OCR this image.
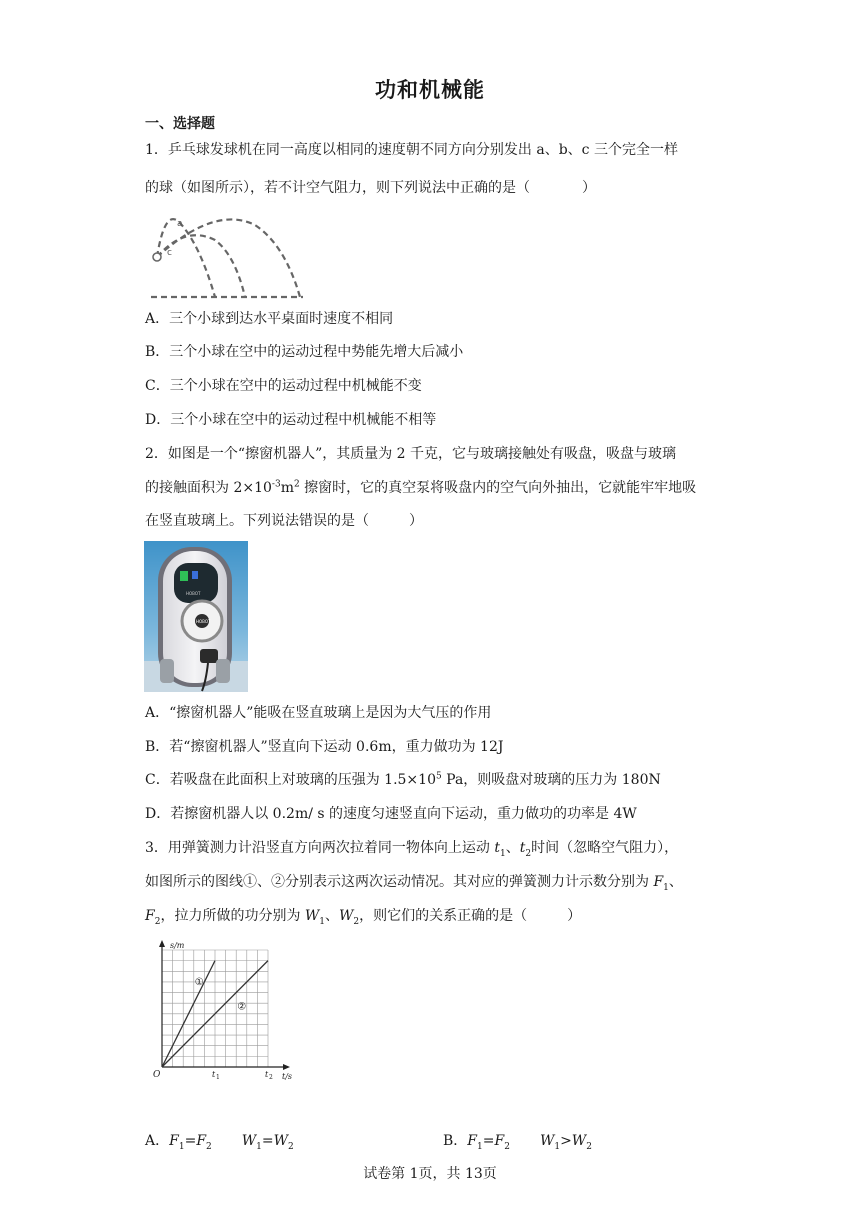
功和机械能
一、选择题
1．乒乓球发球机在同一高度以相同的速度朝不同方向分别发出 a、b、c 三个完全一样
的球（如图所示），若不计空气阻力，则下列说法中正确的是（	）
a
c
A．三个小球到达水平桌面时速度不相同
B．三个小球在空中的运动过程中势能先增大后减小
C．三个小球在空中的运动过程中机械能不变
D．三个小球在空中的运动过程中机械能不相等
2．如图是一个“擦窗机器人”，其质量为 2 千克，它与玻璃接触处有吸盘，吸盘与玻璃
的接触面积为 $2\times 10^{-3}m^2$ 擦窗时，它的真空泵将吸盘内的空气向外抽出，它就能牢牢地吸
在竖直玻璃上。下列说法错误的是（	）
HOBOT
HOBOT
A．“擦窗机器人”能吸在竖直玻璃上是因为大气压的作用
B．若“擦窗机器人”竖直向下运动 0.6m，重力做功为 12J
C．若吸盘在此面积上对玻璃的压强为 $1.5\times 10^5$ Pa，则吸盘对玻璃的压力为 180N
D．若擦窗机器人以 0.2m/ s 的速度匀速竖直向下运动，重力做功的功率是 4W
3．用弹簧测力计沿竖直方向两次拉着同一物体向上运动 $t_1$、$t_2$时间（忽略空气阻力），
如图所示的图线①、②分别表示这两次运动情况。其对应的弹簧测力计示数分别为 $F_1$、
$F_2$，拉力所做的功分别为 $W_1$、$W_2$，则它们的关系正确的是（	）
s/m
t/s
O	t 1	t 2
①
②
A．$F_1=F_2$ $W_1=W_2$	B．$F_1=F_2$ $W_1>W_2$
试卷第 1页，共 13页
